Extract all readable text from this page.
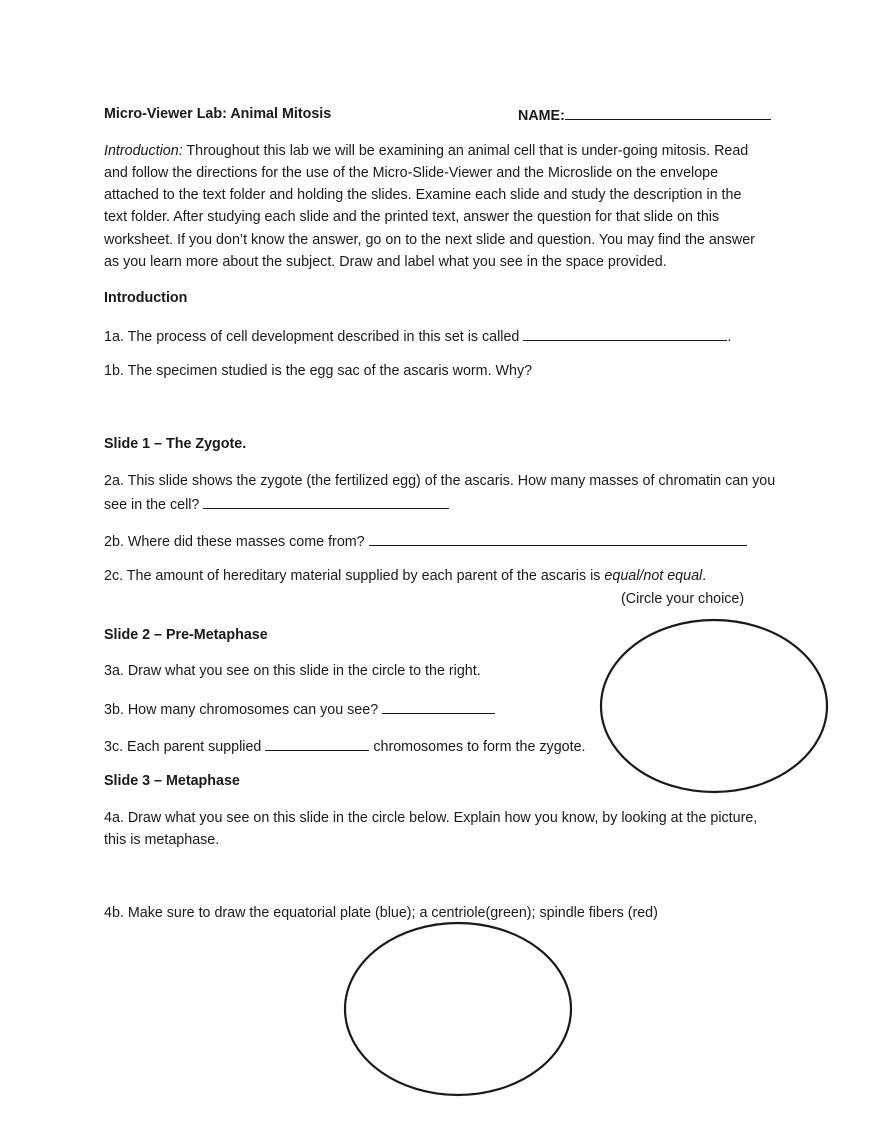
Micro-Viewer Lab: Animal Mitosis	NAME:
Introduction: Throughout this lab we will be examining an animal cell that is under-going mitosis. Read
and follow the directions for the use of the Micro-Slide-Viewer and the Microslide on the envelope
attached to the text folder and holding the slides. Examine each slide and study the description in the
text folder. After studying each slide and the printed text, answer the question for that slide on this
worksheet. If you don’t know the answer, go on to the next slide and question. You may find the answer
as you learn more about the subject. Draw and label what you see in the space provided.
Introduction
1a. The process of cell development described in this set is called	.
1b. The specimen studied is the egg sac of the ascaris worm. Why?
Slide 1 – The Zygote.
2a. This slide shows the zygote (the fertilized egg) of the ascaris. How many masses of chromatin can you
see in the cell?
2b. Where did these masses come from?
2c. The amount of hereditary material supplied by each parent of the ascaris is equal/not equal.
(Circle your choice)
Slide 2 – Pre-Metaphase
3a. Draw what you see on this slide in the circle to the right.
3b. How many chromosomes can you see?
3c. Each parent supplied	chromosomes to form the zygote.
Slide 3 – Metaphase
4a. Draw what you see on this slide in the circle below. Explain how you know, by looking at the picture,
this is metaphase.
4b. Make sure to draw the equatorial plate (blue); a centriole(green); spindle fibers (red)
